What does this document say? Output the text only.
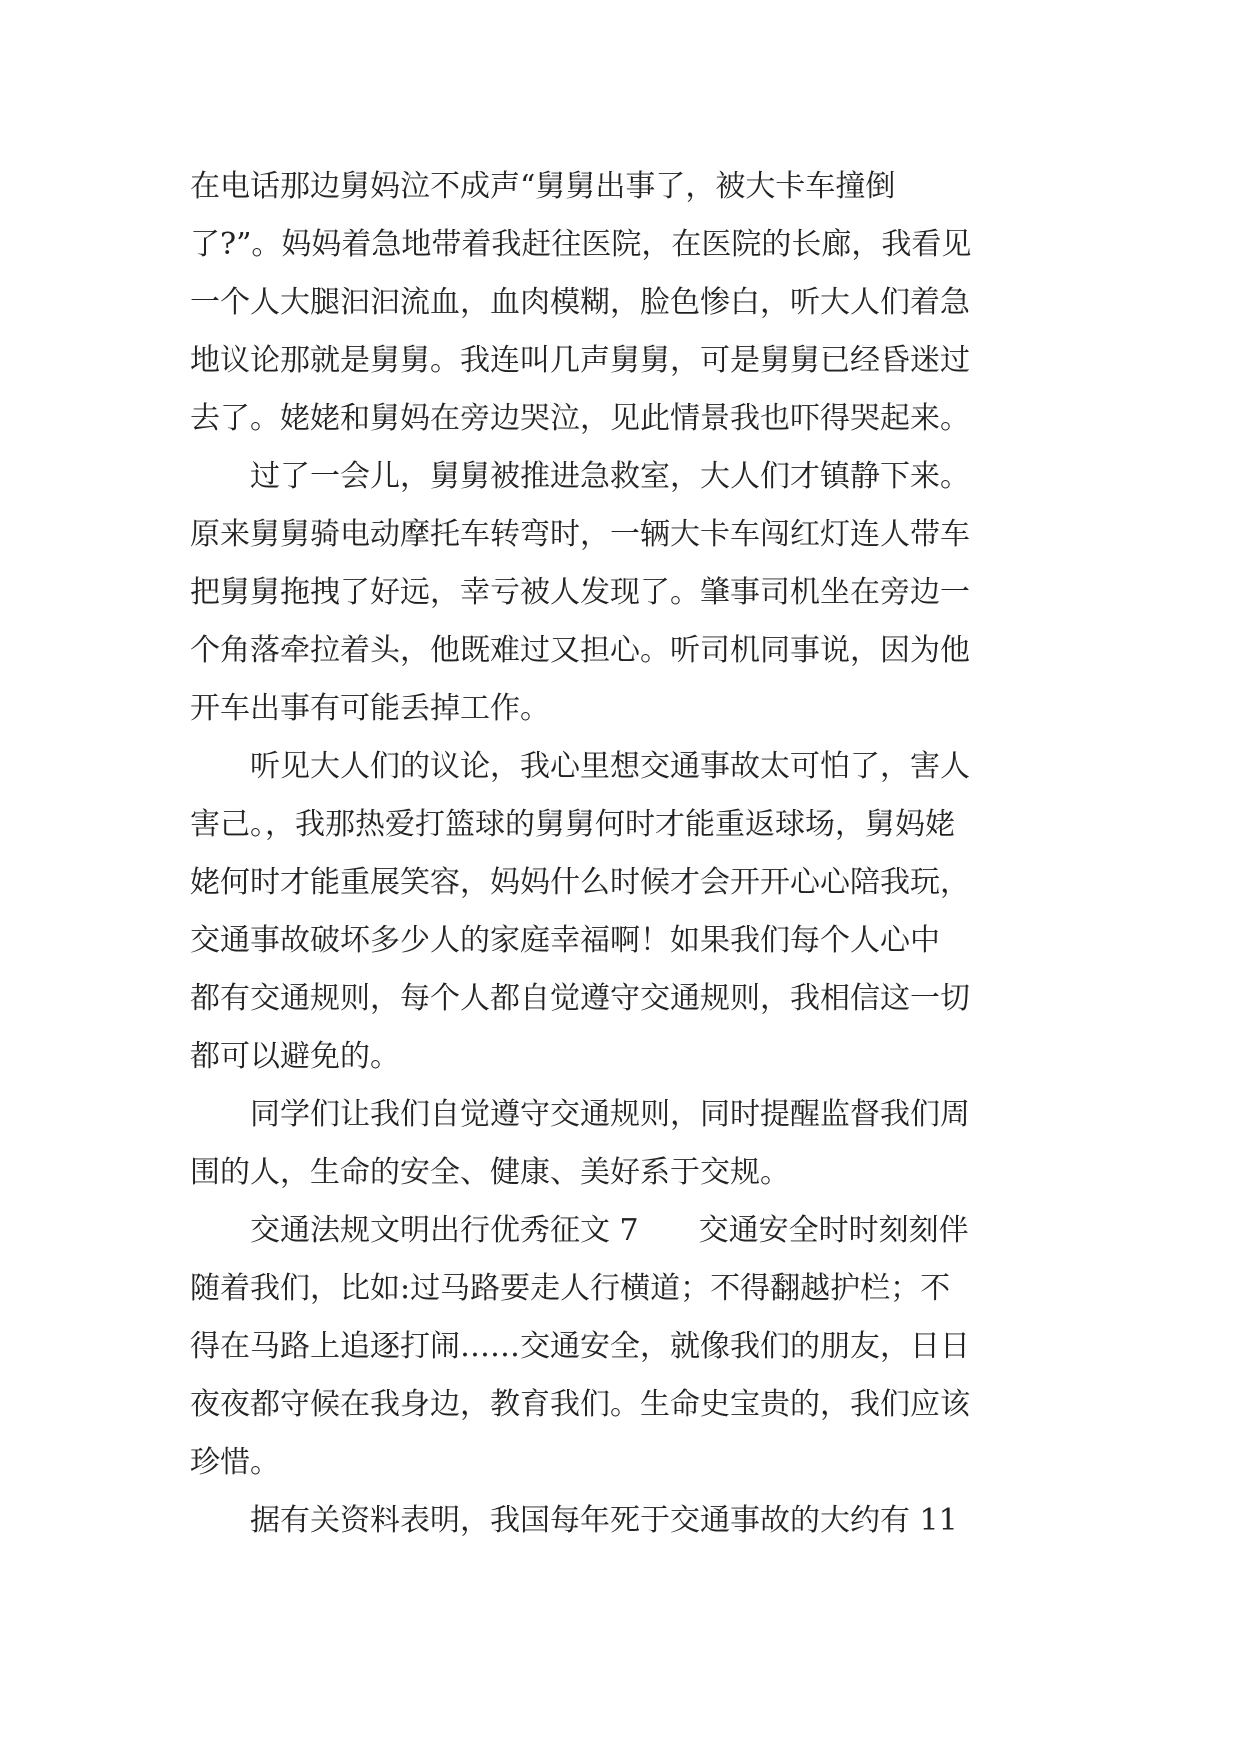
在电话那边舅妈泣不成声“舅舅出事了，被大卡车撞倒
了?”。妈妈着急地带着我赶往医院，在医院的长廊，我看见
一个人大腿汩汩流血，血肉模糊，脸色惨白，听大人们着急
地议论那就是舅舅。我连叫几声舅舅，可是舅舅已经昏迷过
去了。姥姥和舅妈在旁边哭泣，见此情景我也吓得哭起来。
　　过了一会儿，舅舅被推进急救室，大人们才镇静下来。
原来舅舅骑电动摩托车转弯时，一辆大卡车闯红灯连人带车
把舅舅拖拽了好远，幸亏被人发现了。肇事司机坐在旁边一
个角落牵拉着头，他既难过又担心。听司机同事说，因为他
开车出事有可能丢掉工作。
　　听见大人们的议论，我心里想交通事故太可怕了，害人
害己。，我那热爱打篮球的舅舅何时才能重返球场，舅妈姥
姥何时才能重展笑容，妈妈什么时候才会开开心心陪我玩，
交通事故破坏多少人的家庭幸福啊！如果我们每个人心中
都有交通规则，每个人都自觉遵守交通规则，我相信这一切
都可以避免的。
　　同学们让我们自觉遵守交通规则，同时提醒监督我们周
围的人，生命的安全、健康、美好系于交规。
　　交通法规文明出行优秀征文 7　　交通安全时时刻刻伴
随着我们，比如:过马路要走人行横道；不得翻越护栏；不
得在马路上追逐打闹……交通安全，就像我们的朋友，日日
夜夜都守候在我身边，教育我们。生命史宝贵的，我们应该
珍惜。
　　据有关资料表明，我国每年死于交通事故的大约有 11
